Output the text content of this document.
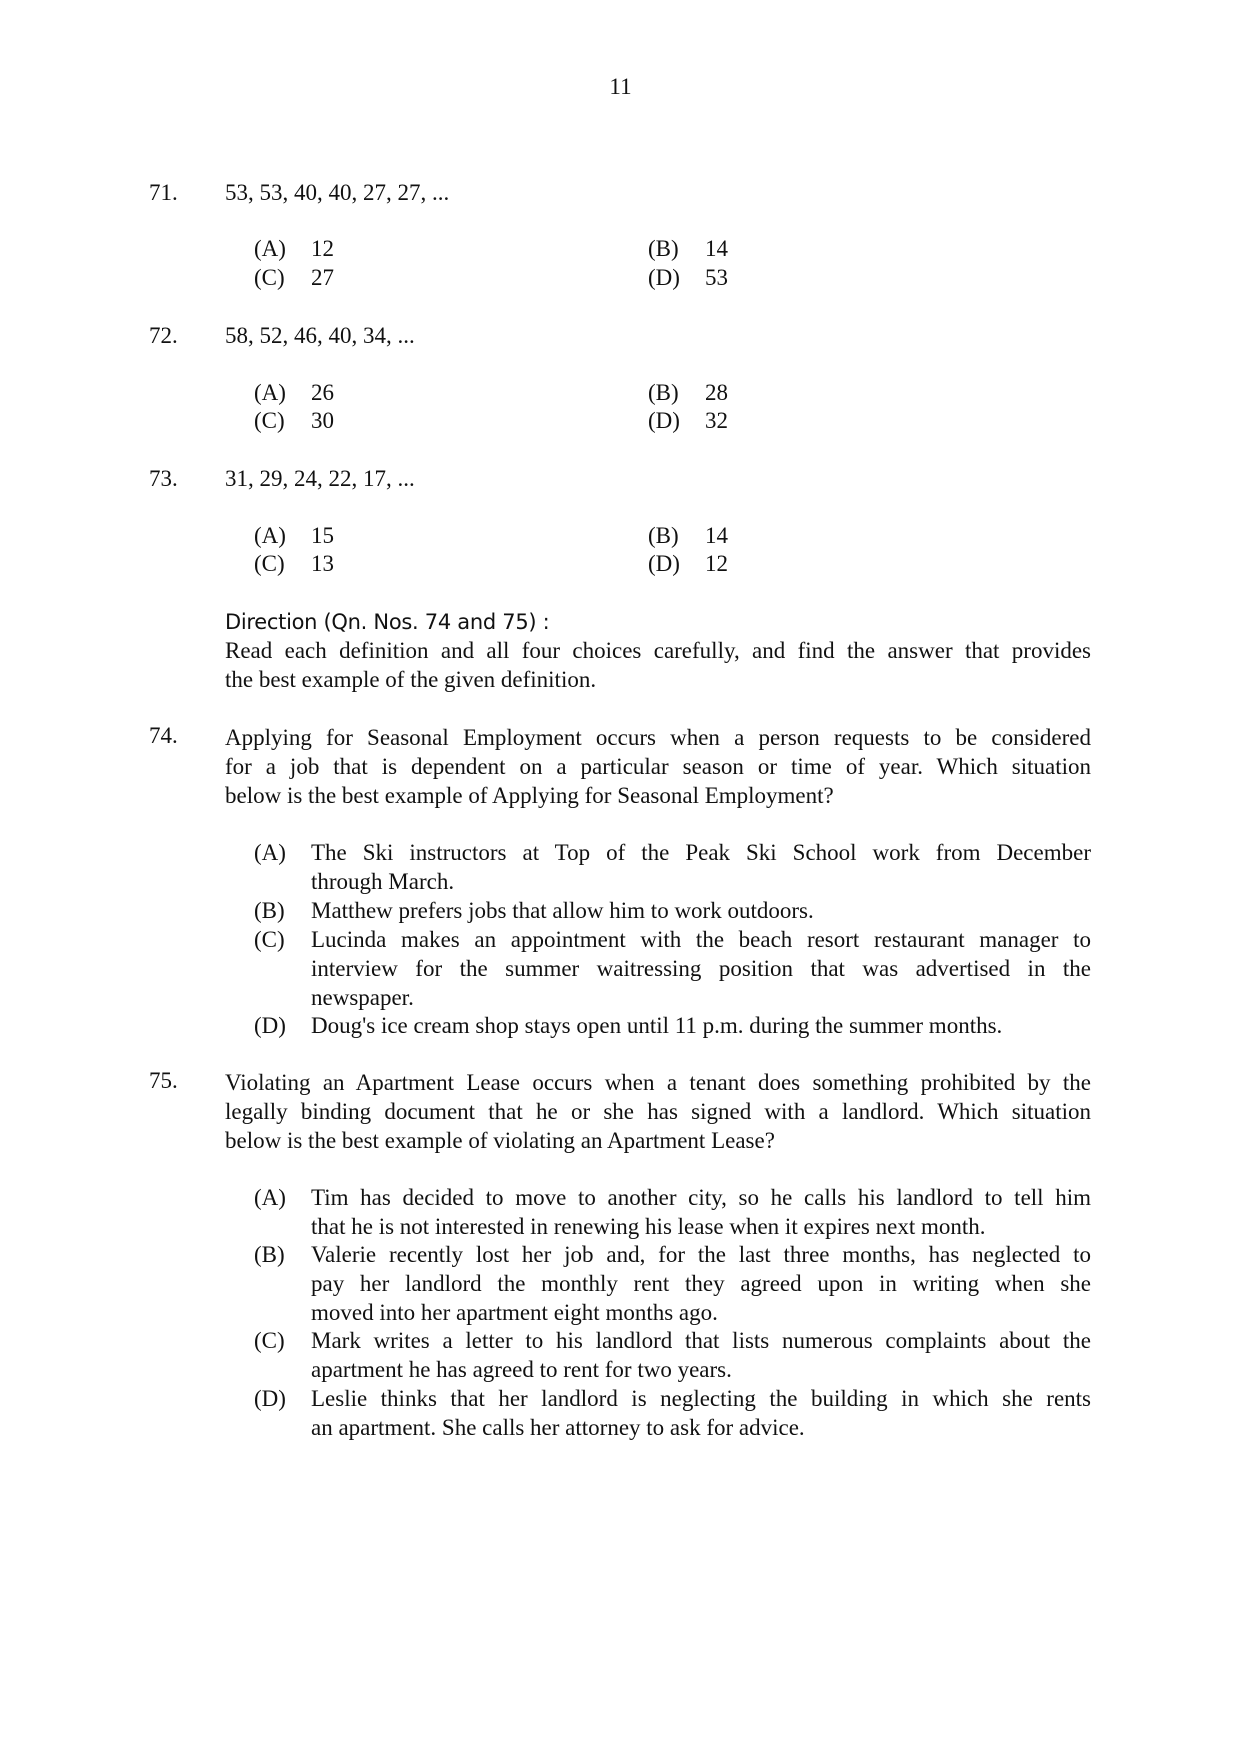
11
71. 53, 53, 40, 40, 27, 27, ...
(A) 12	(B) 14
(C) 27	(D) 53
72. 58, 52, 46, 40, 34, ...
(A) 26	(B) 28
(C) 30	(D) 32
73. 31, 29, 24, 22, 17, ...
(A) 15	(B) 14
(C) 13	(D) 12
Direction (Qn. Nos. 74 and 75) :
Read each definition and all four choices carefully, and find the answer that provides
the best example of the given definition.
74. Applying for Seasonal Employment occurs when a person requests to be considered
for a job that is dependent on a particular season or time of year. Which situation
below is the best example of Applying for Seasonal Employment?
(A) The Ski instructors at Top of the Peak Ski School work from December
through March.
(B) Matthew prefers jobs that allow him to work outdoors.
(C) Lucinda makes an appointment with the beach resort restaurant manager to
interview for the summer waitressing position that was advertised in the
newspaper.
(D) Doug's ice cream shop stays open until 11 p.m. during the summer months.
75. Violating an Apartment Lease occurs when a tenant does something prohibited by the
legally binding document that he or she has signed with a landlord. Which situation
below is the best example of violating an Apartment Lease?
(A) Tim has decided to move to another city, so he calls his landlord to tell him
that he is not interested in renewing his lease when it expires next month.
(B) Valerie recently lost her job and, for the last three months, has neglected to
pay her landlord the monthly rent they agreed upon in writing when she
moved into her apartment eight months ago.
(C) Mark writes a letter to his landlord that lists numerous complaints about the
apartment he has agreed to rent for two years.
(D) Leslie thinks that her landlord is neglecting the building in which she rents
an apartment. She calls her attorney to ask for advice.
